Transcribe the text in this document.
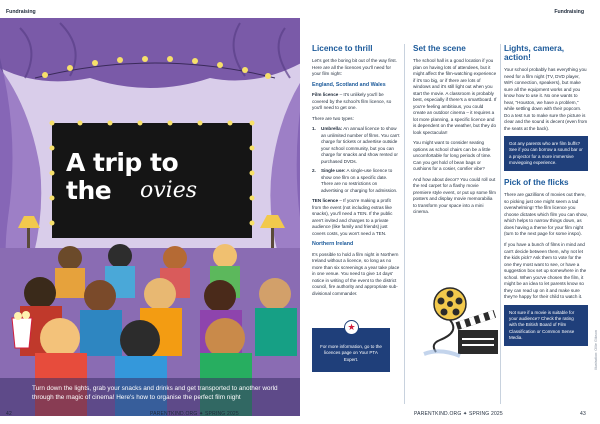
Fundraising
A trip to
the ovies
Turn down the lights, grab your snacks and drinks and get transported to another world through the magic of cinema! Here's how to organise the perfect film night
42	PARENTKIND.ORG ✦ SPRING 2025
Fundraising
Licence to thrill

Let's get the boring bit out of the way first. Here are all the licences you'll need for your film night:

England, Scotland and Wales

Film licence – It's unlikely you'll be covered by the school's film licence, so you'll need to get one.

There are two types:

1.	Umbrella: An annual licence to show an unlimited number of films. You can't charge for tickets or advertise outside your school community, but you can charge for snacks and show rented or purchased DVDs.
2.	Single use: A single-use licence to show one film on a specific date. There are no restrictions on advertising or charging for admission.

TEN licence – If you're making a profit from the event (not including extras like snacks), you'll need a TEN. If the public aren't invited and charges to a private audience (like family and friends) just covers costs, you won't need a TEN.

Northern Ireland

It's possible to hold a film night in Northern Ireland without a licence, so long as no more than six screenings a year take place in one venue. You need to give 14 days' notice in writing of the event to the district council, fire authority and appropriate sub-divisional commander.

★
For more information, go to the licences page on Your PTA Expert.
Set the scene

The school hall is a good location if you plan on having lots of attendees, but it might affect the film-watching experience if it's too big, or if there are lots of windows and it's still light out when you start the movie. A classroom is probably best, especially if there's a smartboard. If you're feeling ambitious, you could create an outdoor cinema – it requires a lot more planning, a specific licence and is dependent on the weather, but they do look spectacular!

You might want to consider seating options as school chairs can be a little uncomfortable for long periods of time. Can you get hold of bean bags or cushions for a cosier, comfier vibe?

And how about decor? You could roll out the red carpet for a flashy movie premiere style event, or put up some film posters and display movie memorabilia to transform your space into a mini cinema.

Lights, camera, action!

Your school probably has everything you need for a film night (TV, DVD player, WiFi connection, speakers), but make sure all the equipment works and you know how to use it. No one wants to hear, "Houston, we have a problem," while settling down with their popcorn. Do a test run to make sure the picture is clear and the sound is decent (even from the seats at the back).

Got any parents who are film buffs? See if you can borrow a sound bar or a projector for a more immersive moviegoing experience.
Pick of the flicks

There are gazillions of movies out there, so picking just one might seem a tad overwhelming! The film licence you choose dictates which film you can show, which helps to narrow things down, as does having a theme for your film night (turn to the next page for some inspo).

If you have a bunch of films in mind and can't decide between them, why not let the kids pick? Ask them to vote for the one they most want to see, or have a suggestion box set up somewhere in the school. When you've chosen the film, it might be an idea to let parents know so they can read up on it and make sure they're happy for their child to watch it.

Not sure if a movie is suitable for your audience? Check the rating with the British Board of Film Classification or Common Sense Media.	Illustration: Ollie Gibson
PARENTKIND.ORG ✦ SPRING 2025	43
